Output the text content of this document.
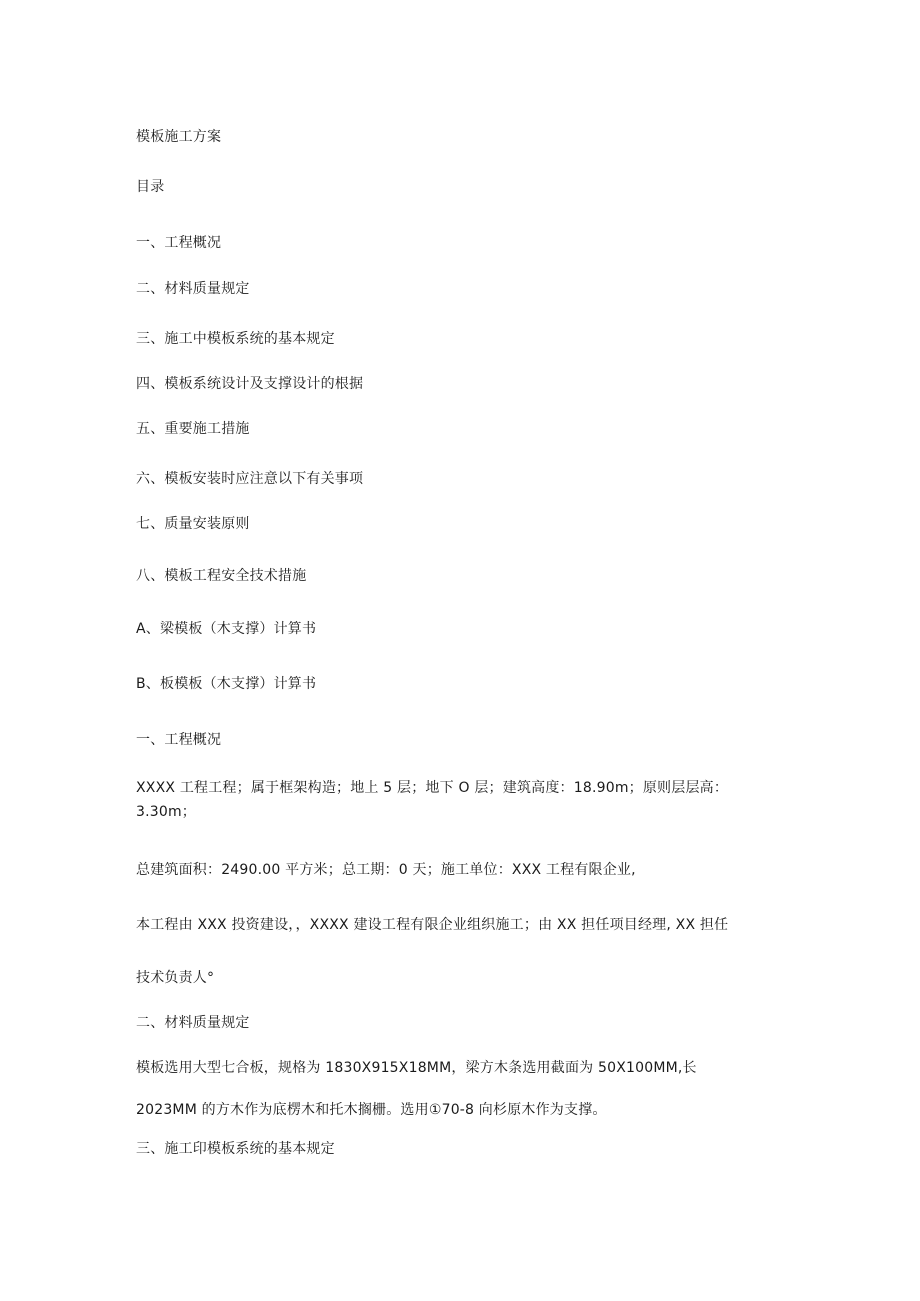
模板施工方案
目录
一、工程概况
二、材料质量规定
三、施工中模板系统的基本规定
四、模板系统设计及支撑设计的根据
五、重要施工措施
六、模板安装时应注意以下有关事项
七、质量安装原则
八、模板工程安全技术措施
A、梁模板（木支撑）计算书
B、板模板（木支撑）计算书
一、工程概况
XXXX 工程工程；属于框架构造；地上 5 层；地下 O 层；建筑高度：18.90m；原则层层高：
3.30m；
总建筑面积：2490.00 平方米；总工期：0 天；施工单位：XXX 工程有限企业,
本工程由 XXX 投资建设，，XXXX 建设工程有限企业组织施工；由 XX 担任项目经理, XX 担任
技术负责人°
二、材料质量规定
模板选用大型七合板，规格为 1830X915X18MM，梁方木条选用截面为 50X100MM,长
2023MM 的方木作为底楞木和托木搁栅。选用①70-8 向杉原木作为支撑。
三、施工印模板系统的基本规定
